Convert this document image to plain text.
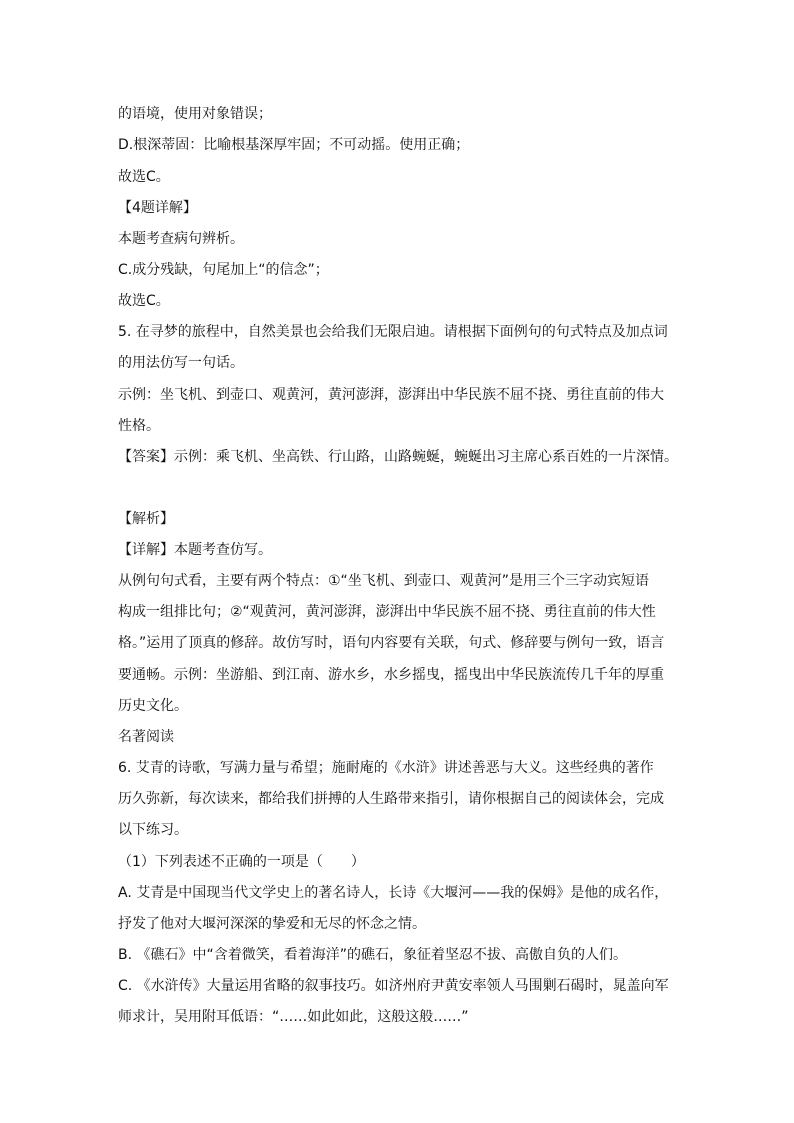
的语境，使用对象错误；
D.根深蒂固：比喻根基深厚牢固；不可动摇。使用正确；
故选C。
【4题详解】
本题考查病句辨析。
C.成分残缺，句尾加上“的信念”；
故选C。
5. 在寻梦的旅程中，自然美景也会给我们无限启迪。请根据下面例句的句式特点及加点词
的用法仿写一句话。
示例：坐飞机、到壶口、观黄河，黄河澎湃，澎湃出中华民族不屈不挠、勇往直前的伟大
性格。
【答案】示例：乘飞机、坐高铁、行山路，山路蜿蜒，蜿蜒出习主席心系百姓的一片深情。
【解析】
【详解】本题考查仿写。
从例句句式看，主要有两个特点：①“坐飞机、到壶口、观黄河”是用三个三字动宾短语
构成一组排比句；②“观黄河，黄河澎湃，澎湃出中华民族不屈不挠、勇往直前的伟大性
格。”运用了顶真的修辞。故仿写时，语句内容要有关联，句式、修辞要与例句一致，语言
要通畅。示例：坐游船、到江南、游水乡，水乡摇曳，摇曳出中华民族流传几千年的厚重
历史文化。
名著阅读
6. 艾青的诗歌，写满力量与希望；施耐庵的《水浒》讲述善恶与大义。这些经典的著作
历久弥新，每次读来，都给我们拼搏的人生路带来指引，请你根据自己的阅读体会，完成
以下练习。
（1）下列表述不正确的一项是（　　）
A. 艾青是中国现当代文学史上的著名诗人，长诗《大堰河——我的保姆》是他的成名作，
抒发了他对大堰河深深的挚爱和无尽的怀念之情。
B. 《礁石》中“含着微笑，看着海洋”的礁石，象征着坚忍不拔、高傲自负的人们。
C. 《水浒传》大量运用省略的叙事技巧。如济州府尹黄安率领人马围剿石碣时，晁盖向军
师求计，吴用附耳低语：“……如此如此，这般这般……”
